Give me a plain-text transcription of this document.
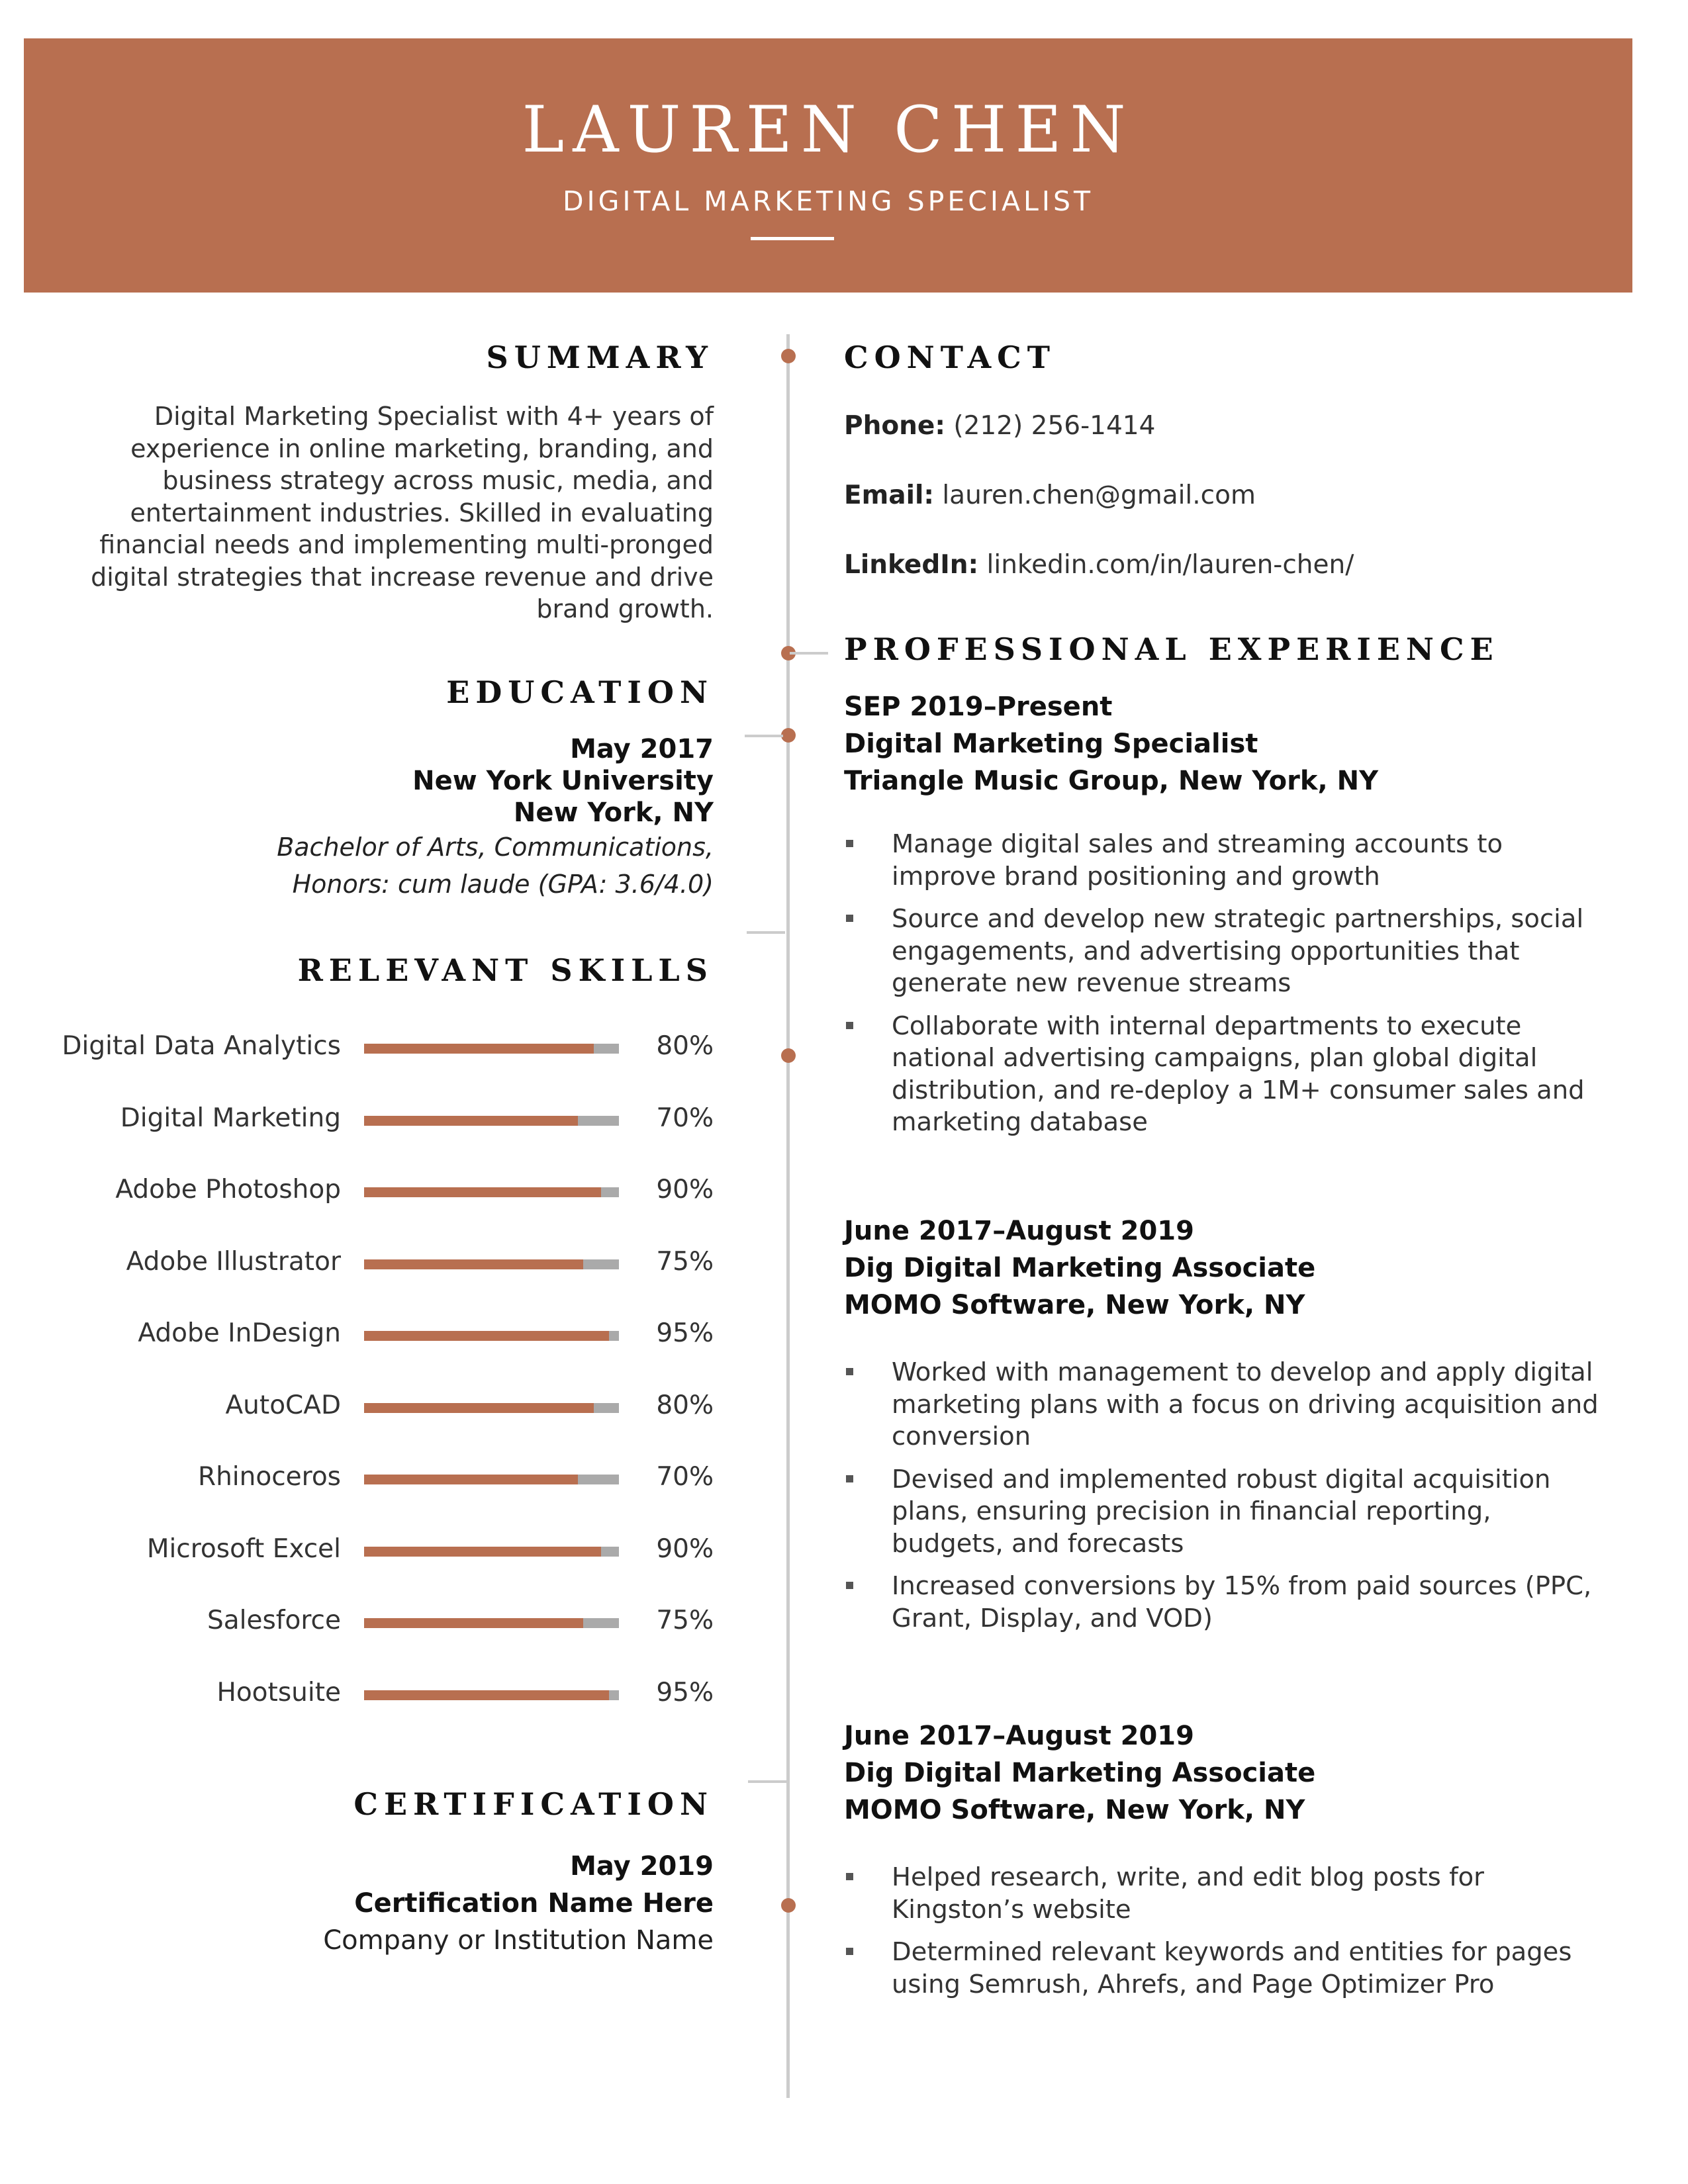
LAUREN CHEN
DIGITAL MARKETING SPECIALIST
SUMMARY
Digital Marketing Specialist with 4+ years of
experience in online marketing, branding, and
business strategy across music, media, and
entertainment industries. Skilled in evaluating
financial needs and implementing multi-pronged
digital strategies that increase revenue and drive
brand growth.
EDUCATION
May 2017
New York University
New York, NY
Bachelor of Arts, Communications,
Honors: cum laude (GPA: 3.6/4.0)
RELEVANT SKILLS
Digital Data Analytics	80%
Digital Marketing	70%
Adobe Photoshop	90%
Adobe Illustrator	75%
Adobe InDesign	95%
AutoCAD	80%
Rhinoceros	70%
Microsoft Excel	90%
Salesforce	75%
Hootsuite	95%
CERTIFICATION
May 2019
Certification Name Here
Company or Institution Name
CONTACT
Phone: (212) 256-1414
Email: lauren.chen@gmail.com
LinkedIn: linkedin.com/in/lauren-chen/
PROFESSIONAL EXPERIENCE
SEP 2019–Present
Digital Marketing Specialist
Triangle Music Group, New York, NY
Manage digital sales and streaming accounts to improve brand positioning and growth
Source and develop new strategic partnerships, social engagements, and advertising opportunities that generate new revenue streams
Collaborate with internal departments to execute national advertising campaigns, plan global digital distribution, and re-deploy a 1M+ consumer sales and marketing database
June 2017–August 2019
Dig Digital Marketing Associate
MOMO Software, New York, NY
Worked with management to develop and apply digital marketing plans with a focus on driving acquisition and conversion
Devised and implemented robust digital acquisition plans, ensuring precision in financial reporting, budgets, and forecasts
Increased conversions by 15% from paid sources (PPC, Grant, Display, and VOD)
June 2017–August 2019
Dig Digital Marketing Associate
MOMO Software, New York, NY
Helped research, write, and edit blog posts for Kingston’s website
Determined relevant keywords and entities for pages using Semrush, Ahrefs, and Page Optimizer Pro
